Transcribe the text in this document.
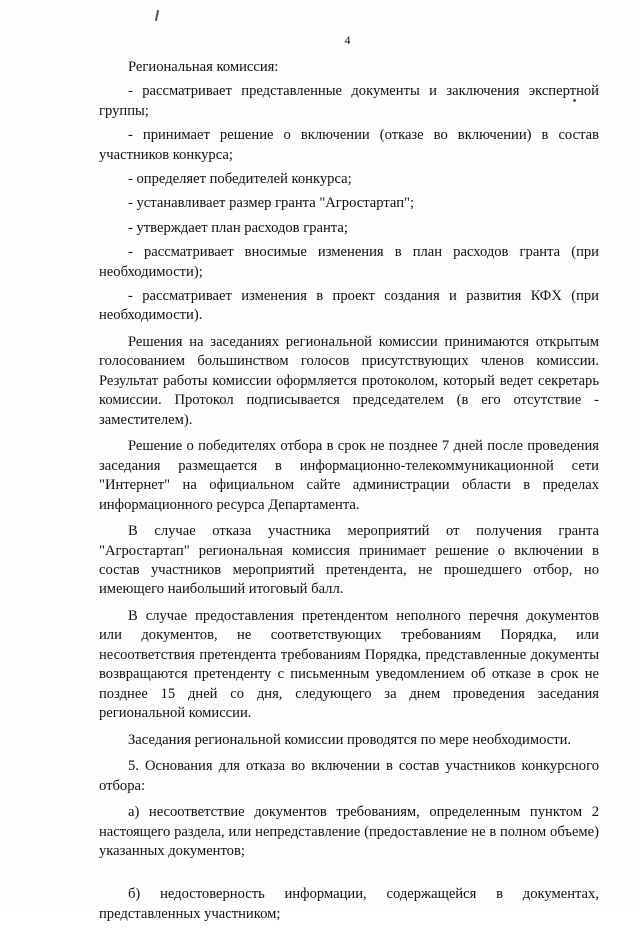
4

Региональная комиссия:

- рассматривает представленные документы и заключения экспертной группы;

- принимает решение о включении (отказе во включении) в состав участников конкурса;

- определяет победителей конкурса;

- устанавливает размер гранта "Агростартап";

- утверждает план расходов гранта;

- рассматривает вносимые изменения в план расходов гранта (при необходимости);

- рассматривает изменения в проект создания и развития КФХ (при необходимости).

Решения на заседаниях региональной комиссии принимаются открытым голосованием большинством голосов присутствующих членов комиссии. Результат работы комиссии оформляется протоколом, который ведет секретарь комиссии. Протокол подписывается председателем (в его отсутствие - заместителем).

Решение о победителях отбора в срок не позднее 7 дней после проведения заседания размещается в информационно-телекоммуникационной сети "Интернет" на официальном сайте администрации области в пределах информационного ресурса Департамента.

В случае отказа участника мероприятий от получения гранта "Агростартап" региональная комиссия принимает решение о включении в состав участников мероприятий претендента, не прошедшего отбор, но имеющего наибольший итоговый балл.

В случае предоставления претендентом неполного перечня документов или документов, не соответствующих требованиям Порядка, или несоответствия претендента требованиям Порядка, представленные документы возвращаются претенденту с письменным уведомлением об отказе в срок не позднее 15 дней со дня, следующего за днем проведения заседания региональной комиссии.

Заседания региональной комиссии проводятся по мере необходимости.

5. Основания для отказа во включении в состав участников конкурсного отбора:

а) несоответствие документов требованиям, определенным пунктом 2 настоящего раздела, или непредставление (предоставление не в полном объеме) указанных документов;

б) недостоверность информации, содержащейся в документах, представленных участником;
